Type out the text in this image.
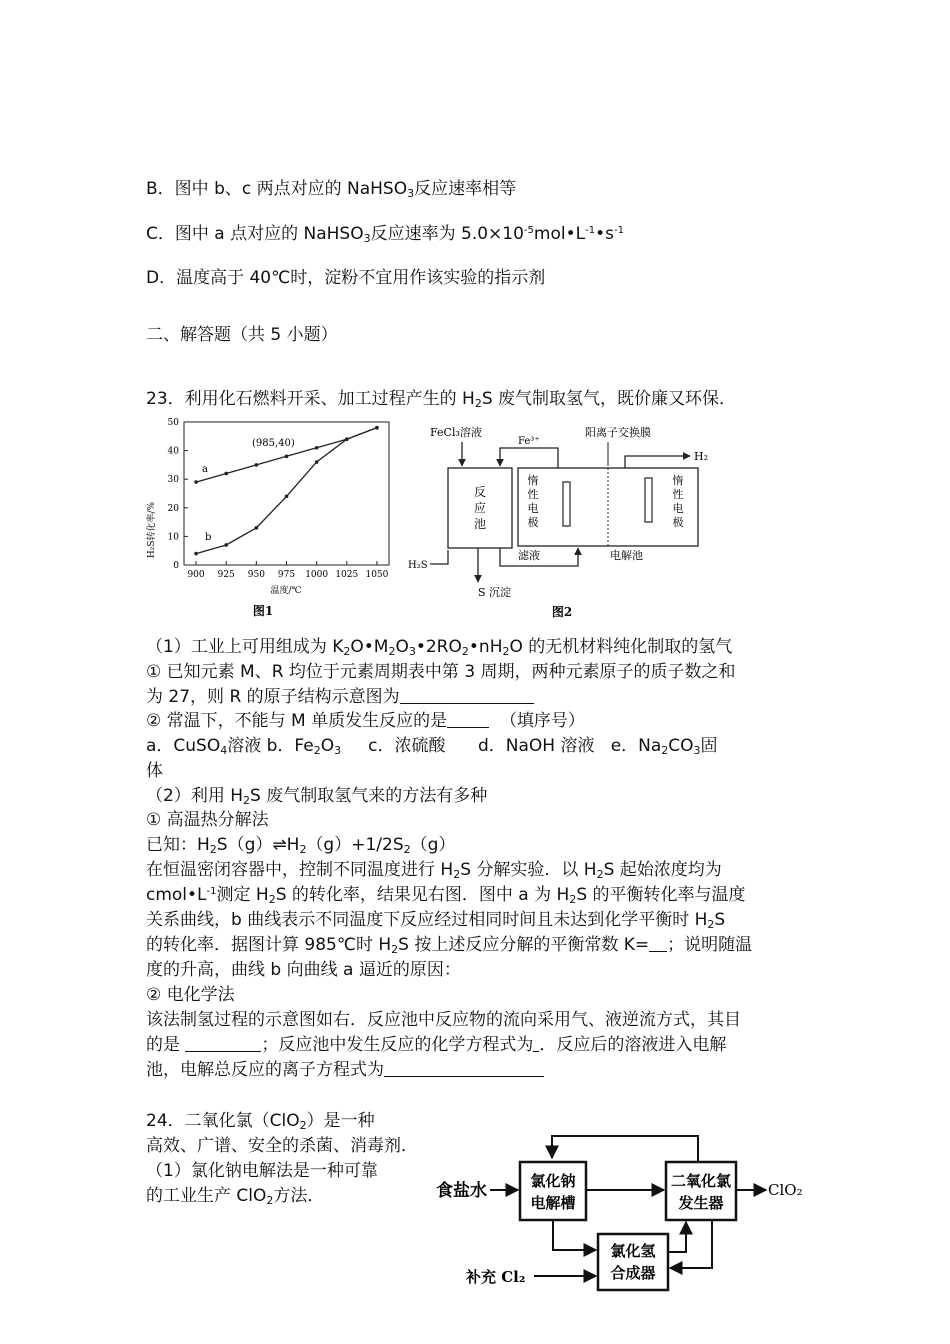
B．图中 b、c 两点对应的 NaHSO$_3$反应速率相等
C．图中 a 点对应的 NaHSO$_3$反应速率为 $5.0\times 10^{-5}mol•L^{-1}•s^{-1}$
D．温度高于 40℃时，淀粉不宜用作该实验的指示剂
二、解答题（共 5 小题）
23．利用化石燃料开采、加工过程产生的 $H_2S$ 废气制取氢气，既价廉又环保．
H₂S转化率/%
0
10
20
30
40
50
900 925 950 975 1000 1025 1050
a
b
(985,40)
温度/℃
图1
FeCl₃溶液
反
应
池
Fe³⁺
阳离子交换膜
惰
性
电
极
惰
性
电
极
H₂
H₂S
滤液
S 沉淀
电解池
图2
（1）工业上可用组成为 $K_2O•M_2O_3•2RO_2•nH_2O$ 的无机材料纯化制取的氢气
① 已知元素 M、R 均位于元素周期表中第 3 周期，两种元素原子的质子数之和
为 27，则 R 的原子结构示意图为
② 常温下，不能与 M 单质发生反应的是	（填序号）
a．CuSO$_4$溶液 b．$Fe_2O_3$ c．浓硫酸 d．NaOH 溶液 e．$Na_2CO_3$固
体
（2）利用 $H_2S$ 废气制取氢气来的方法有多种
① 高温热分解法
已知：$H_2S(g)\rightleftharpoons H_2(g)+1/2S_2(g)$
在恒温密闭容器中，控制不同温度进行 $H_2S$ 分解实验．以 $H_2S$ 起始浓度均为
$cmol•L^{-1}$测定 $H_2S$ 的转化率，结果见右图．图中 a 为 $H_2S$ 的平衡转化率与温度
关系曲线，b 曲线表示不同温度下反应经过相同时间且未达到化学平衡时 $H_2S$
的转化率．据图计算 985℃时 $H_2S$ 按上述反应分解的平衡常数 K= ；说明随温
度的升高，曲线 b 向曲线 a 逼近的原因：
② 电化学法
该法制氢过程的示意图如右．反应池中反应物的流向采用气、液逆流方式，其目
的是	；反应池中发生反应的化学方程式为 ．反应后的溶液进入电解
池，电解总反应的离子方程式为
24．二氧化氯（ClO$_2$）是一种
高效、广谱、安全的杀菌、消毒剂．
（1）氯化钠电解法是一种可靠
的工业生产 ClO$_2$方法．	食盐水	氯化钠
电解槽
二氧化氯
发生器
ClO₂
氯化氢
合成器
补充 Cl₂
